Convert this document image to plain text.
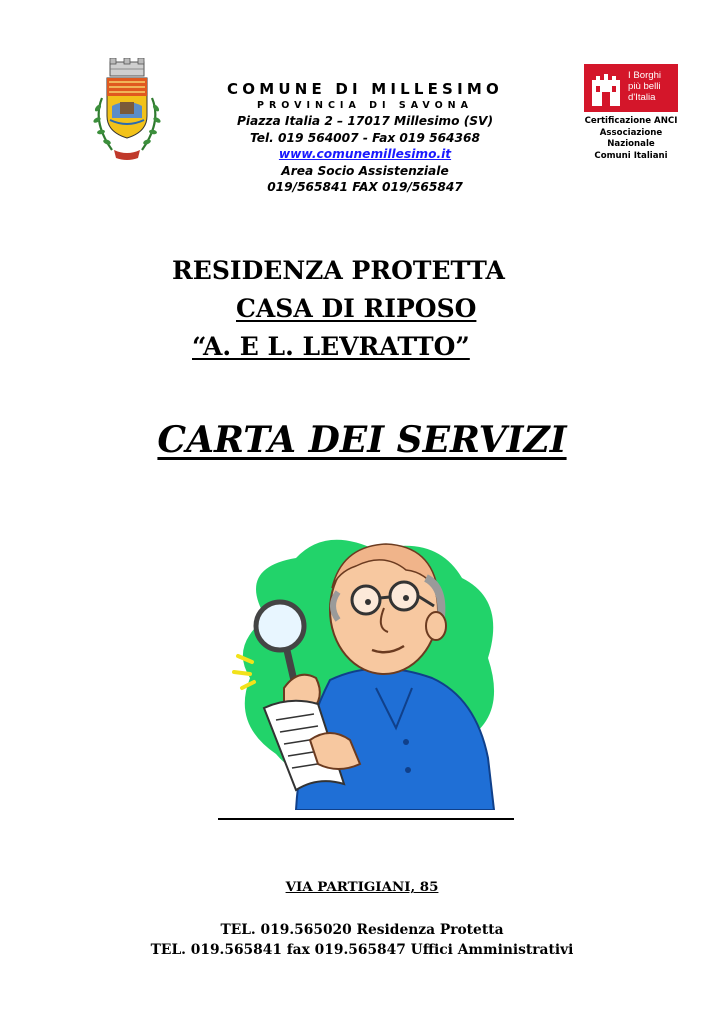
COMUNE DI MILLESIMO
PROVINCIA DI SAVONA
Piazza Italia 2 – 17017 Millesimo (SV)
Tel. 019 564007 - Fax 019 564368
www.comunemillesimo.it
Area Socio Assistenziale
019/565841 FAX 019/565847
I Borghi
più belli
d'Italia
Certificazione ANCI
Associazione
Nazionale
Comuni Italiani
RESIDENZA PROTETTA
CASA DI RIPOSO
“A. E L. LEVRATTO”
CARTA DEI SERVIZI
VIA PARTIGIANI, 85
TEL. 019.565020 Residenza Protetta
TEL. 019.565841 fax 019.565847 Uffici Amministrativi
